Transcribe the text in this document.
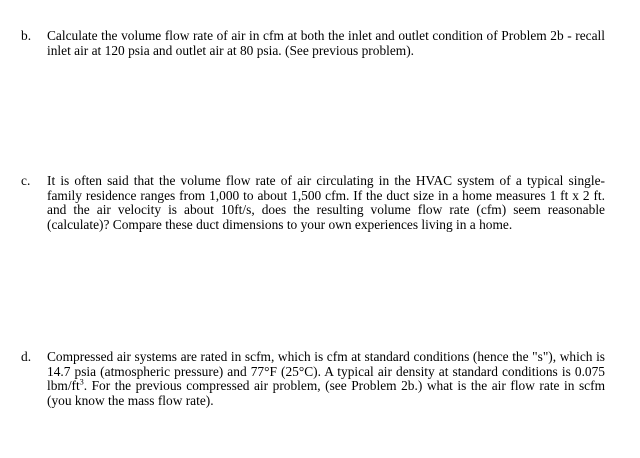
b.	Calculate the volume flow rate of air in cfm at both the inlet and outlet condition of Problem 2b - recall inlet air at 120 psia and outlet air at 80 psia. (See previous problem).
c.	It is often said that the volume flow rate of air circulating in the HVAC system of a typical single-family residence ranges from 1,000 to about 1,500 cfm. If the duct size in a home measures 1 ft x 2 ft. and the air velocity is about 10ft/s, does the resulting volume flow rate (cfm) seem reasonable (calculate)? Compare these duct dimensions to your own experiences living in a home.
d.	Compressed air systems are rated in scfm, which is cfm at standard conditions (hence the "s"), which is 14.7 psia (atmospheric pressure) and 77°F (25°C). A typical air density at standard conditions is 0.075 lbm/$ft^3$. For the previous compressed air problem, (see Problem 2b.) what is the air flow rate in scfm (you know the mass flow rate).
